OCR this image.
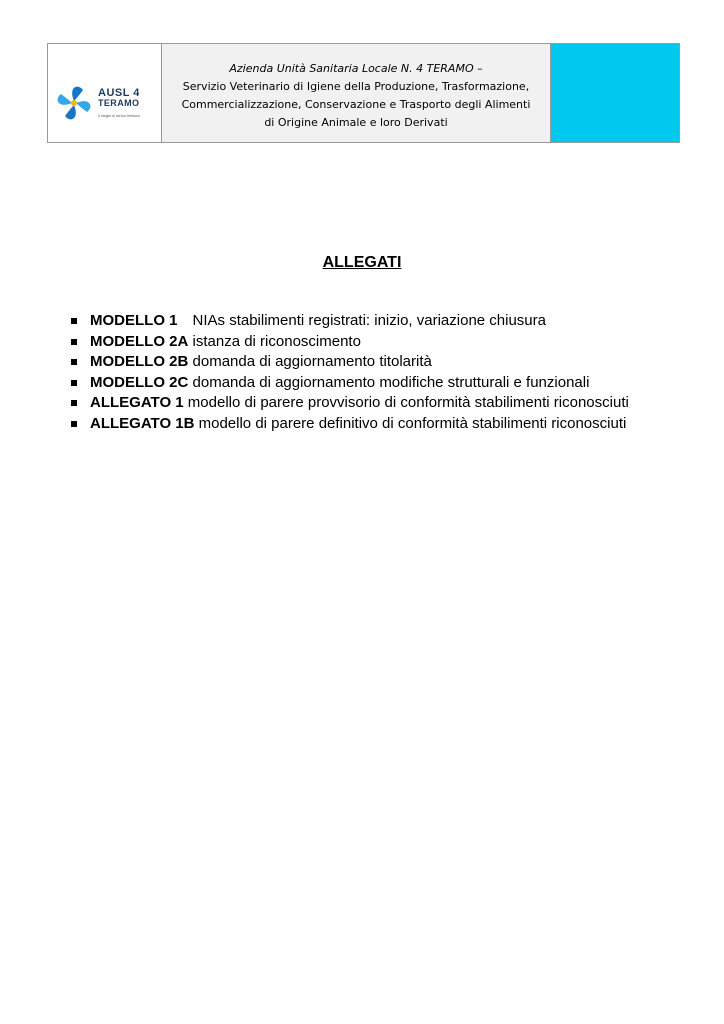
AUSL 4
TERAMO
Il meglio di noi tuo territorio
Azienda Unità Sanitaria Locale N. 4 TERAMO –
Servizio Veterinario di Igiene della Produzione, Trasformazione,
Commercializzazione, Conservazione e Trasporto degli Alimenti
di Origine Animale e loro Derivati
ALLEGATI
MODELLO 1 NIAs stabilimenti registrati: inizio, variazione chiusura
MODELLO 2A istanza di riconoscimento
MODELLO 2B domanda di aggiornamento titolarità
MODELLO 2C domanda di aggiornamento modifiche strutturali e funzionali
ALLEGATO 1 modello di parere provvisorio di conformità stabilimenti riconosciuti
ALLEGATO 1B modello di parere definitivo di conformità stabilimenti riconosciuti
